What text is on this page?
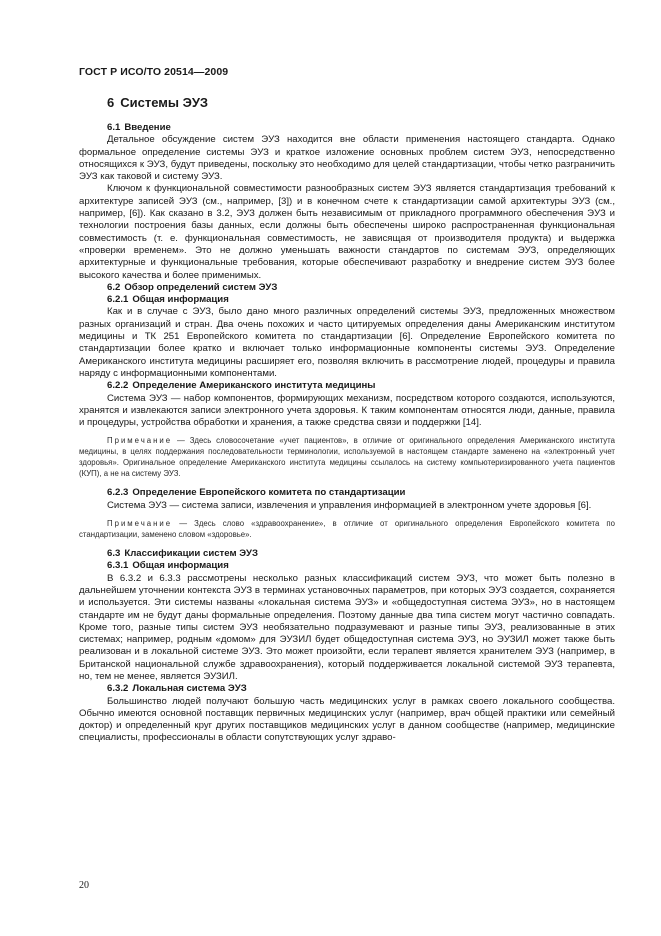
ГОСТ Р ИСО/ТО 20514—2009
6 Системы ЭУЗ
6.1 Введение

Детальное обсуждение систем ЭУЗ находится вне области применения настоящего стандарта. Однако формальное определение системы ЭУЗ и краткое изложение основных проблем систем ЭУЗ, непосредственно относящихся к ЭУЗ, будут приведены, поскольку это необходимо для целей стандартизации, чтобы четко разграничить ЭУЗ как таковой и систему ЭУЗ.

Ключом к функциональной совместимости разнообразных систем ЭУЗ является стандартизация требований к архитектуре записей ЭУЗ (см., например, [3]) и в конечном счете к стандартизации самой архитектуры ЭУЗ (см., например, [6]). Как сказано в 3.2, ЭУЗ должен быть независимым от прикладного программного обеспечения ЭУЗ и технологии построения базы данных, если должны быть обеспечены широко распространенная функциональная совместимость (т. е. функциональная совместимость, не зависящая от производителя продукта) и выдержка «проверки временем». Это не должно уменьшать важности стандартов по системам ЭУЗ, определяющих архитектурные и функциональные требования, которые обеспечивают разработку и внедрение систем ЭУЗ более высокого качества и более применимых.

6.2 Обзор определений систем ЭУЗ
6.2.1 Общая информация

Как и в случае с ЭУЗ, было дано много различных определений системы ЭУЗ, предложенных множеством разных организаций и стран. Два очень похожих и часто цитируемых определения даны Американским институтом медицины и ТК 251 Европейского комитета по стандартизации [6]. Определение Европейского комитета по стандартизации более кратко и включает только информационные компоненты системы ЭУЗ. Определение Американского института медицины расширяет его, позволяя включить в рассмотрение людей, процедуры и правила наряду с информационными компонентами.

6.2.2 Определение Американского института медицины

Система ЭУЗ — набор компонентов, формирующих механизм, посредством которого создаются, используются, хранятся и извлекаются записи электронного учета здоровья. К таким компонентам относятся люди, данные, правила и процедуры, устройства обработки и хранения, а также средства связи и поддержки [14].

Примечание — Здесь словосочетание «учет пациентов», в отличие от оригинального определения Американского института медицины, в целях поддержания последовательности терминологии, используемой в настоящем стандарте заменено на «электронный учет здоровья». Оригинальное определение Американского института медицины ссылалось на систему компьютеризированного учета пациентов (КУП), а не на систему ЭУЗ.

6.2.3 Определение Европейского комитета по стандартизации

Система ЭУЗ — система записи, извлечения и управления информацией в электронном учете здоровья [6].

Примечание — Здесь слово «здравоохранение», в отличие от оригинального определения Европейского комитета по стандартизации, заменено словом «здоровье».

6.3 Классификации систем ЭУЗ
6.3.1 Общая информация

В 6.3.2 и 6.3.3 рассмотрены несколько разных классификаций систем ЭУЗ, что может быть полезно в дальнейшем уточнении контекста ЭУЗ в терминах установочных параметров, при которых ЭУЗ создается, сохраняется и используется. Эти системы названы «локальная система ЭУЗ» и «общедоступная система ЭУЗ», но в настоящем стандарте им не будут даны формальные определения. Поэтому данные два типа систем могут частично совпадать. Кроме того, разные типы систем ЭУЗ необязательно подразумевают и разные типы ЭУЗ, реализованные в этих системах; например, родным «домом» для ЭУЗИЛ будет общедоступная система ЭУЗ, но ЭУЗИЛ может также быть реализован и в локальной системе ЭУЗ. Это может произойти, если терапевт является хранителем ЭУЗ (например, в Британской национальной службе здравоохранения), который поддерживается локальной системой ЭУЗ терапевта, но, тем не менее, является ЭУЗИЛ.

6.3.2 Локальная система ЭУЗ

Большинство людей получают большую часть медицинских услуг в рамках своего локального сообщества. Обычно имеются основной поставщик первичных медицинских услуг (например, врач общей практики или семейный доктор) и определенный круг других поставщиков медицинских услуг в данном сообществе (например, медицинские специалисты, профессионалы в области сопутствующих услуг здраво-

20
